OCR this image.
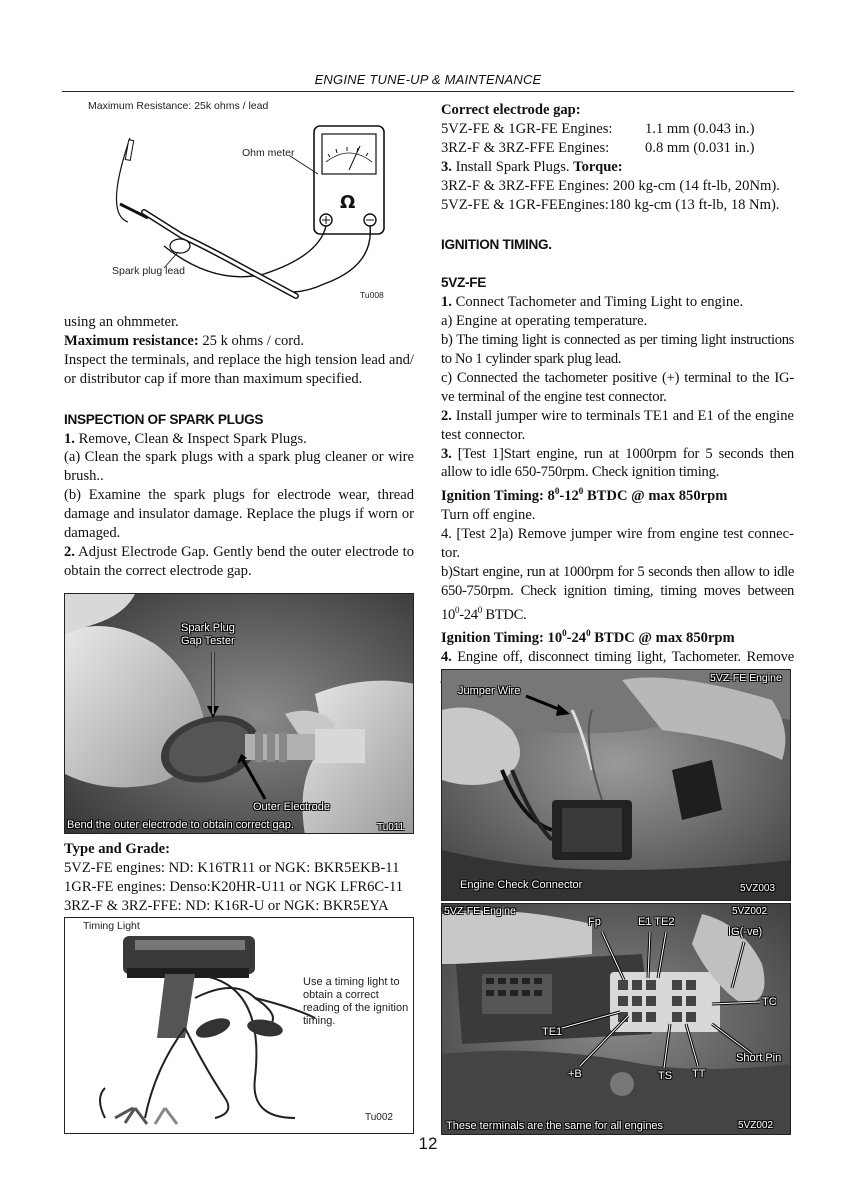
ENGINE TUNE-UP & MAINTENANCE
Maximum Resistance: 25k ohms / lead
Ω
Ohm meter
Spark plug lead
Tu008

using an ohmmeter.

Maximum resistance: 25 k ohms / cord.

Inspect the terminals, and replace the high tension lead and/ or distributor cap if more than maximum specified.

INSPECTION OF SPARK PLUGS

1. Remove, Clean & Inspect Spark Plugs.

(a) Clean the spark plugs with a spark plug cleaner or wire brush..

(b) Examine the spark plugs for electrode wear, thread damage and insulator damage. Replace the plugs if worn or damaged.

2. Adjust Electrode Gap. Gently bend the outer electrode to obtain the correct electrode gap.

Spark Plug Gap Tester
Outer Electrode
Bend the outer electrode to obtain correct gap.	Tu011

Type and Grade:

5VZ-FE engines: ND: K16TR11 or NGK: BKR5EKB-11

1GR-FE engines: Denso:K20HR-U11 or NGK LFR6C-11

3RZ-F & 3RZ-FFE: ND: K16R-U or NGK: BKR5EYA

Timing Light
Use a timing light to obtain a correct reading of the ignition timing.
Tu002

Correct electrode gap:

5VZ-FE & 1GR-FE Engines: 1.1 mm (0.043 in.)

3RZ-F & 3RZ-FFE Engines: 0.8 mm (0.031 in.)

3. Install Spark Plugs. Torque:

3RZ-F & 3RZ-FFE Engines: 200 kg-cm (14 ft-lb, 20Nm).

5VZ-FE & 1GR-FEEngines:180 kg-cm (13 ft-lb, 18 Nm).

IGNITION TIMING.

5VZ-FE

1. Connect Tachometer and Timing Light to engine.

a) Engine at operating temperature.

b) The timing light is connected as per timing light instructions to No 1 cylinder spark plug lead.

c) Connected the tachometer positive (+) terminal to the IG- ve terminal of the engine test connector.

2. Install jumper wire to terminals TE1 and E1 of the engine test connector.

3. [Test 1]Start engine, run at 1000rpm for 5 seconds then allow to idle 650-750rpm. Check ignition timing.

Ignition Timing: $8^0-12^0$ BTDC @ max 850rpm

Turn off engine.

4. [Test 2]a) Remove jumper wire from engine test connec- tor.

b)Start engine, run at 1000rpm for 5 seconds then allow to idle 650-750rpm. Check ignition timing, timing moves between $10^0-24^0$ BTDC.

Ignition Timing: $10^0-24^0$ BTDC @ max 850rpm

4. Engine off, disconnect timing light, Tachometer. Remove

5VZ-FE Engine
Jumper Wire
Engine Check Connector	5VZ003
5VZ-FE Engine	5VZ002
Fp	E1 TE2
IG(-ve)
TC
TE1
Short Pin
+B	TS TT
These terminals are the same for all engines	5VZ002
12
